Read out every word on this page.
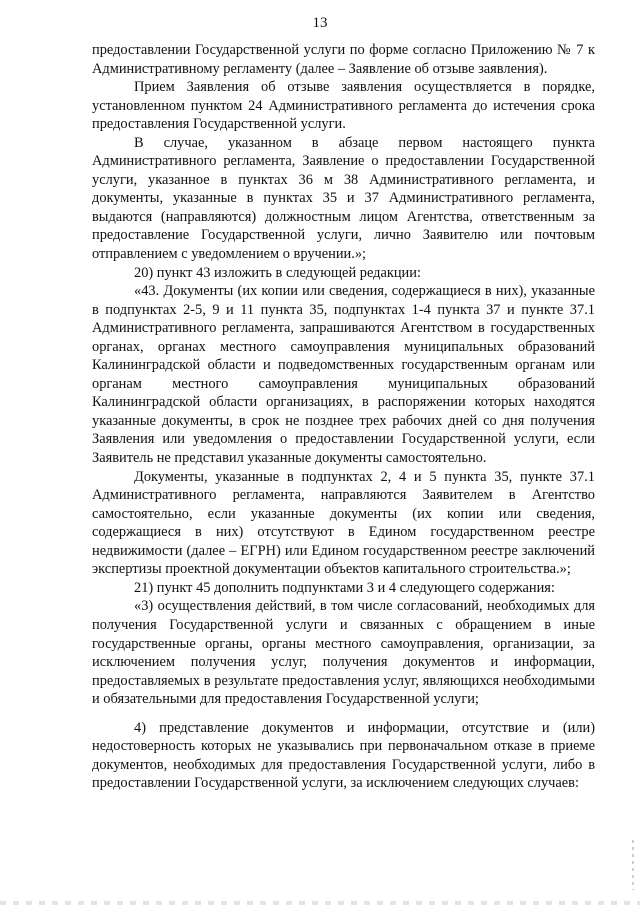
13

предоставлении Государственной услуги по форме согласно Приложению № 7 к Административному регламенту (далее – Заявление об отзыве заявления).

Прием Заявления об отзыве заявления осуществляется в порядке, установленном пунктом 24 Административного регламента до истечения срока предоставления Государственной услуги.

В случае, указанном в абзаце первом настоящего пункта Административного регламента, Заявление о предоставлении Государственной услуги, указанное в пунктах 36 м 38 Административного регламента, и документы, указанные в пунктах 35 и 37 Административного регламента, выдаются (направляются) должностным лицом Агентства, ответственным за предоставление Государственной услуги, лично Заявителю или почтовым отправлением с уведомлением о вручении.»;

20) пункт 43 изложить в следующей редакции:

«43. Документы (их копии или сведения, содержащиеся в них), указанные в подпунктах 2-5, 9 и 11 пункта 35, подпунктах 1-4 пункта 37 и пункте 37.1 Административного регламента, запрашиваются Агентством в государственных органах, органах местного самоуправления муниципальных образований Калининградской области и подведомственных государственным органам или органам местного самоуправления муниципальных образований Калининградской области организациях, в распоряжении которых находятся указанные документы, в срок не позднее трех рабочих дней со дня получения Заявления или уведомления о предоставлении Государственной услуги, если Заявитель не представил указанные документы самостоятельно.

Документы, указанные в подпунктах 2, 4 и 5 пункта 35, пункте 37.1 Административного регламента, направляются Заявителем в Агентство самостоятельно, если указанные документы (их копии или сведения, содержащиеся в них) отсутствуют в Едином государственном реестре недвижимости (далее – ЕГРН) или Едином государственном реестре заключений экспертизы проектной документации объектов капитального строительства.»;

21) пункт 45 дополнить подпунктами 3 и 4 следующего содержания:

«3) осуществления действий, в том числе согласований, необходимых для получения Государственной услуги и связанных с обращением в иные государственные органы, органы местного самоуправления, организации, за исключением получения услуг, получения документов и информации, предоставляемых в результате предоставления услуг, являющихся необходимыми и обязательными для предоставления Государственной услуги;

4) представление документов и информации, отсутствие и (или) недостоверность которых не указывались при первоначальном отказе в приеме документов, необходимых для предоставления Государственной услуги, либо в предоставлении Государственной услуги, за исключением следующих случаев:
